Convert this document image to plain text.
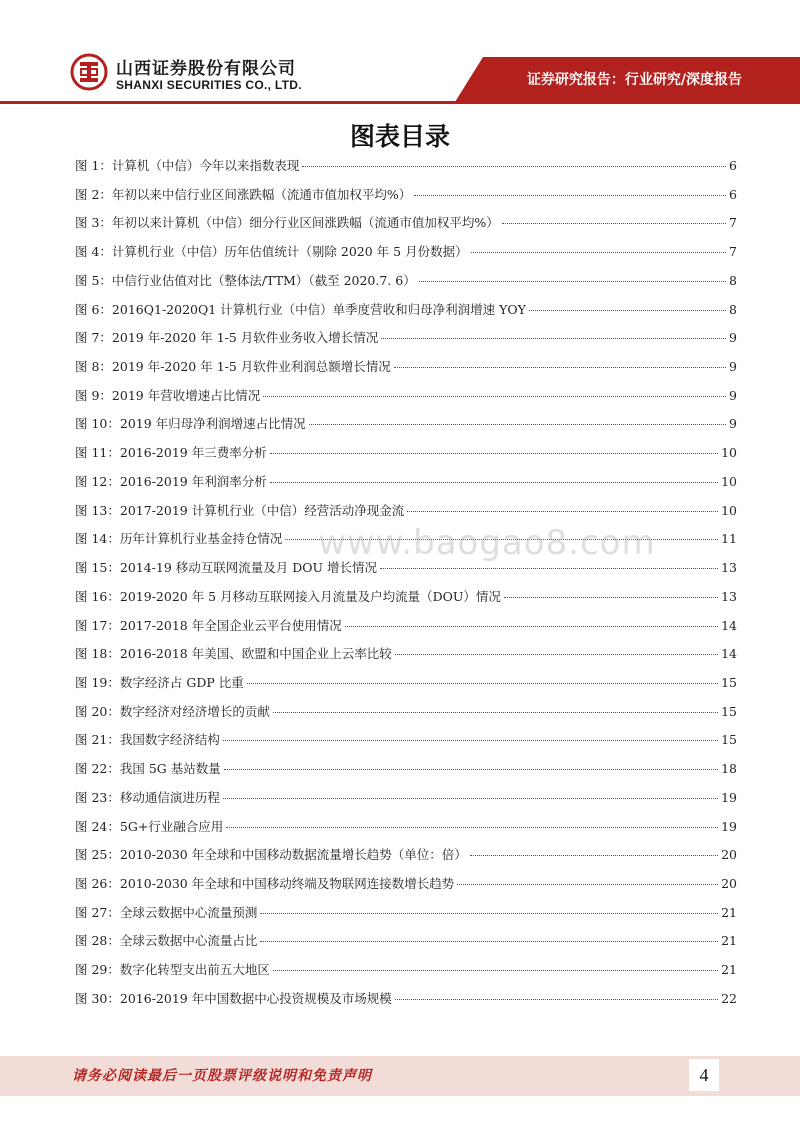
山西证券股份有限公司
SHANXI SECURITIES CO., LTD.	证券研究报告：行业研究/深度报告
图表目录
图 1：计算机（中信）今年以来指数表现	6
图 2：年初以来中信行业区间涨跌幅（流通市值加权平均%）	6
图 3：年初以来计算机（中信）细分行业区间涨跌幅（流通市值加权平均%）	7
图 4：计算机行业（中信）历年估值统计（剔除 2020 年 5 月份数据）	7
图 5：中信行业估值对比（整体法/TTM）（截至 2020.7. 6）	8
图 6：2016Q1-2020Q1 计算机行业（中信）单季度营收和归母净利润增速 YOY	8
图 7：2019 年-2020 年 1-5 月软件业务收入增长情况	9
图 8：2019 年-2020 年 1-5 月软件业利润总额增长情况	9
图 9：2019 年营收增速占比情况	9
图 10：2019 年归母净利润增速占比情况	9
图 11：2016-2019 年三费率分析	10
图 12：2016-2019 年利润率分析	10
图 13：2017-2019 计算机行业（中信）经营活动净现金流	10
图 14：历年计算机行业基金持仓情况	11
图 15：2014-19 移动互联网流量及月 DOU 增长情况	13
图 16：2019-2020 年 5 月移动互联网接入月流量及户均流量（DOU）情况	13
图 17：2017-2018 年全国企业云平台使用情况	14
图 18：2016-2018 年美国、欧盟和中国企业上云率比较	14
图 19：数字经济占 GDP 比重	15
图 20：数字经济对经济增长的贡献	15
图 21：我国数字经济结构	15
图 22：我国 5G 基站数量	18
图 23：移动通信演进历程	19
图 24：5G+行业融合应用	19
图 25：2010-2030 年全球和中国移动数据流量增长趋势（单位：倍）	20
图 26：2010-2030 年全球和中国移动终端及物联网连接数增长趋势	20
图 27：全球云数据中心流量预测	21
图 28：全球云数据中心流量占比	21
图 29：数字化转型支出前五大地区	21
图 30：2016-2019 年中国数据中心投资规模及市场规模	22
www.baogao8.com
请务必阅读最后一页股票评级说明和免责声明	4
